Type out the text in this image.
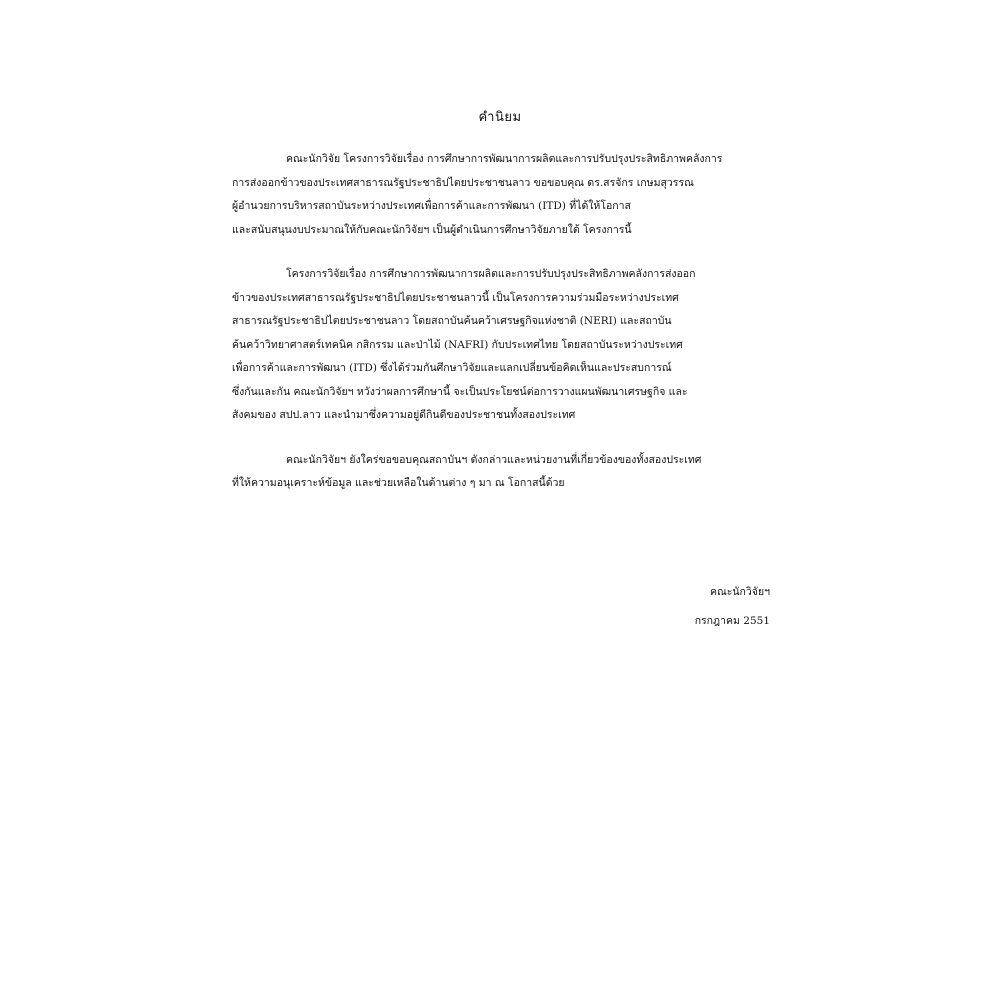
คำนิยม

คณะนักวิจัย โครงการวิจัยเรื่อง การศึกษาการพัฒนาการผลิตและการปรับปรุงประสิทธิภาพคลังการ
การส่งออกข้าวของประเทศสาธารณรัฐประชาธิปไตยประชาชนลาว ขอขอบคุณ ดร.สรจักร เกษมสุวรรณ
ผู้อำนวยการบริหารสถาบันระหว่างประเทศเพื่อการค้าและการพัฒนา (ITD) ที่ได้ให้โอกาส
และสนับสนุนงบประมาณให้กับคณะนักวิจัยฯ เป็นผู้ดำเนินการศึกษาวิจัยภายใต้ โครงการนี้

โครงการวิจัยเรื่อง การศึกษาการพัฒนาการผลิตและการปรับปรุงประสิทธิภาพคลังการส่งออก
ข้าวของประเทศสาธารณรัฐประชาธิปไตยประชาชนลาวนี้ เป็นโครงการความร่วมมือระหว่างประเทศ
สาธารณรัฐประชาธิปไตยประชาชนลาว โดยสถาบันค้นคว้าเศรษฐกิจแห่งชาติ (NERI) และสถาบัน
ค้นคว้าวิทยาศาสตร์เทคนิค กสิกรรม และป่าไม้ (NAFRI) กับประเทศไทย โดยสถาบันระหว่างประเทศ
เพื่อการค้าและการพัฒนา (ITD) ซึ่งได้ร่วมกันศึกษาวิจัยและแลกเปลี่ยนข้อคิดเห็นและประสบการณ์
ซึ่งกันและกัน คณะนักวิจัยฯ หวังว่าผลการศึกษานี้ จะเป็นประโยชน์ต่อการวางแผนพัฒนาเศรษฐกิจ และ
สังคมของ สปป.ลาว และนำมาซึ่งความอยู่ดีกินดีของประชาชนทั้งสองประเทศ

คณะนักวิจัยฯ ยังใคร่ขอขอบคุณสถาบันฯ ดังกล่าวและหน่วยงานที่เกี่ยวข้องของทั้งสองประเทศ
ที่ให้ความอนุเคราะห์ข้อมูล และช่วยเหลือในด้านต่าง ๆ มา ณ โอกาสนี้ด้วย

คณะนักวิจัยฯ
กรกฎาคม 2551
